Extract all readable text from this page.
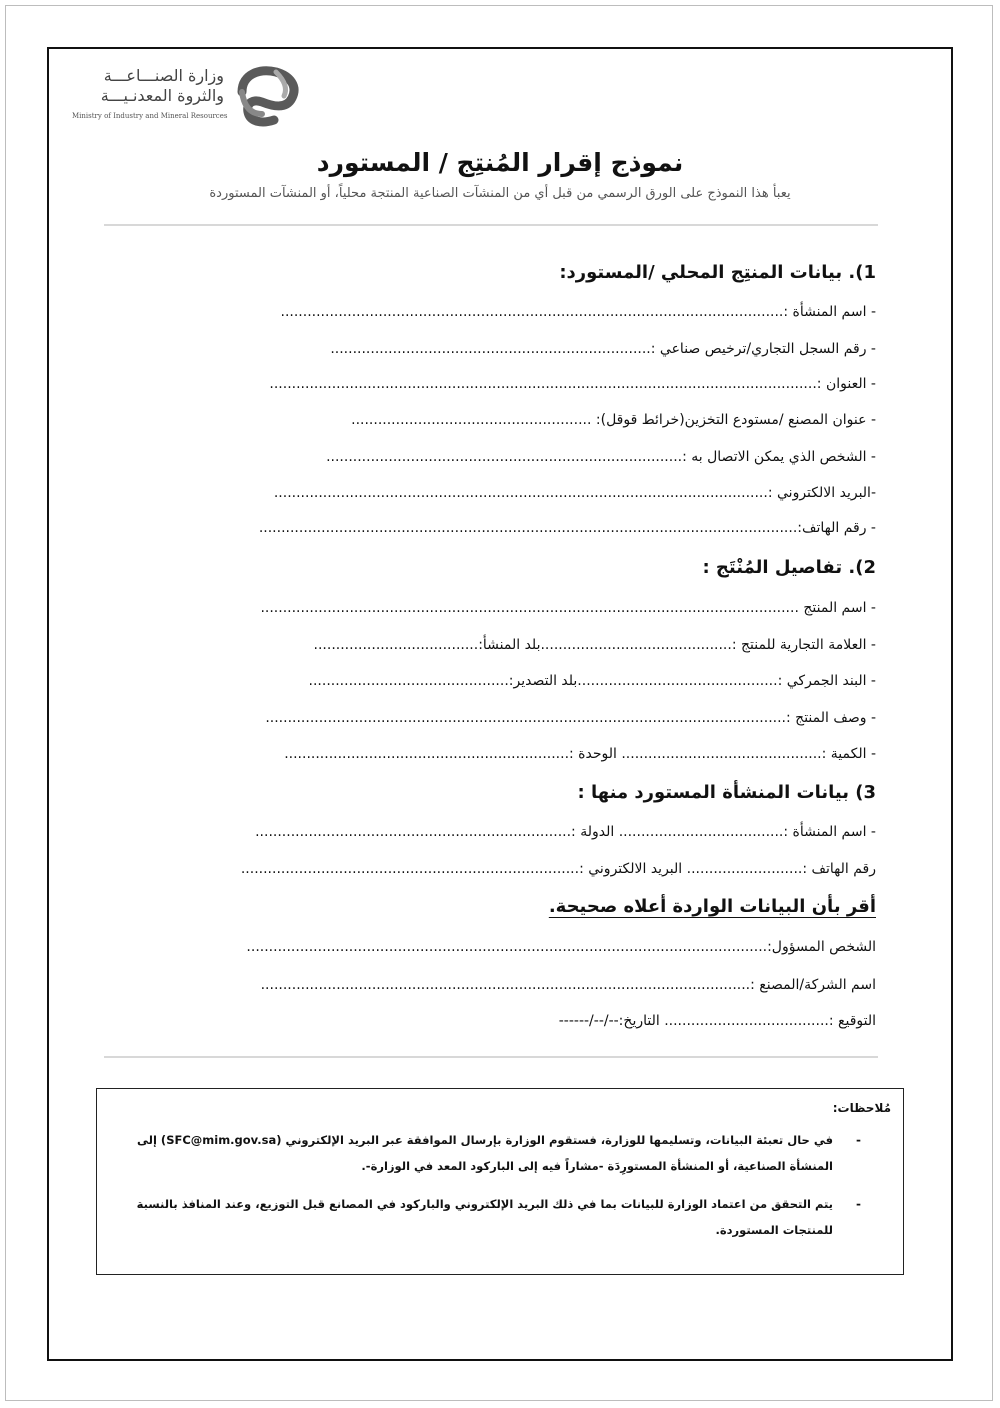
وزارة الصنـــاعـــة
والثروة المعدنـيـــة
Ministry of Industry and Mineral Resources
نموذج إقرار المُنتِج / المستورد
يعبأ هذا النموذج على الورق الرسمي من قبل أي من المنشآت الصناعية المنتجة محلياً، أو المنشآت المستوردة
1). بيانات المنتِج المحلي /المستورد:
- اسم المنشأة :.................................................................................................................
- رقم السجل التجاري/ترخيص صناعي :........................................................................
- العنوان :...........................................................................................................................
- عنوان المصنع /مستودع التخزين(خرائط قوقل): ......................................................
- الشخص الذي يمكن الاتصال به :................................................................................
-البريد الالكتروني :...............................................................................................................
- رقم الهاتف:.........................................................................................................................
2). تفاصيل المُنْتَج :
- اسم المنتج .........................................................................................................................
- العلامة التجارية للمنتج :...........................................بلد المنشأ:.....................................
- البند الجمركي :.............................................بلد التصدير:.............................................
- وصف المنتج :.....................................................................................................................
- الكمية :............................................. الوحدة :................................................................
3) بيانات المنشأة المستورد منها :
- اسم المنشأة :..................................... الدولة :.......................................................................
رقم الهاتف :.......................... البريد الالكتروني :............................................................................
أقر بأن البيانات الواردة أعلاه صحيحة.
الشخص المسؤول:.....................................................................................................................
اسم الشركة/المصنع :..............................................................................................................
التوقيع :..................................... التاريخ:--/--/------
مُلاحظات:
-
في حال تعبئة البيانات، وتسليمها للوزارة، فستقوم الوزارة بإرسال الموافقة عبر البريد الإلكتروني (SFC@mim.gov.sa) إلى المنشأة الصناعية، أو المنشأة المستورِدَة -مشاراً فيه إلى الباركود المعد في الوزارة-.
-
يتم التحقق من اعتماد الوزارة للبيانات بما في ذلك البريد الإلكتروني والباركود في المصانع قبل التوزيع، وعند المنافذ بالنسبة للمنتجات المستوردة.
